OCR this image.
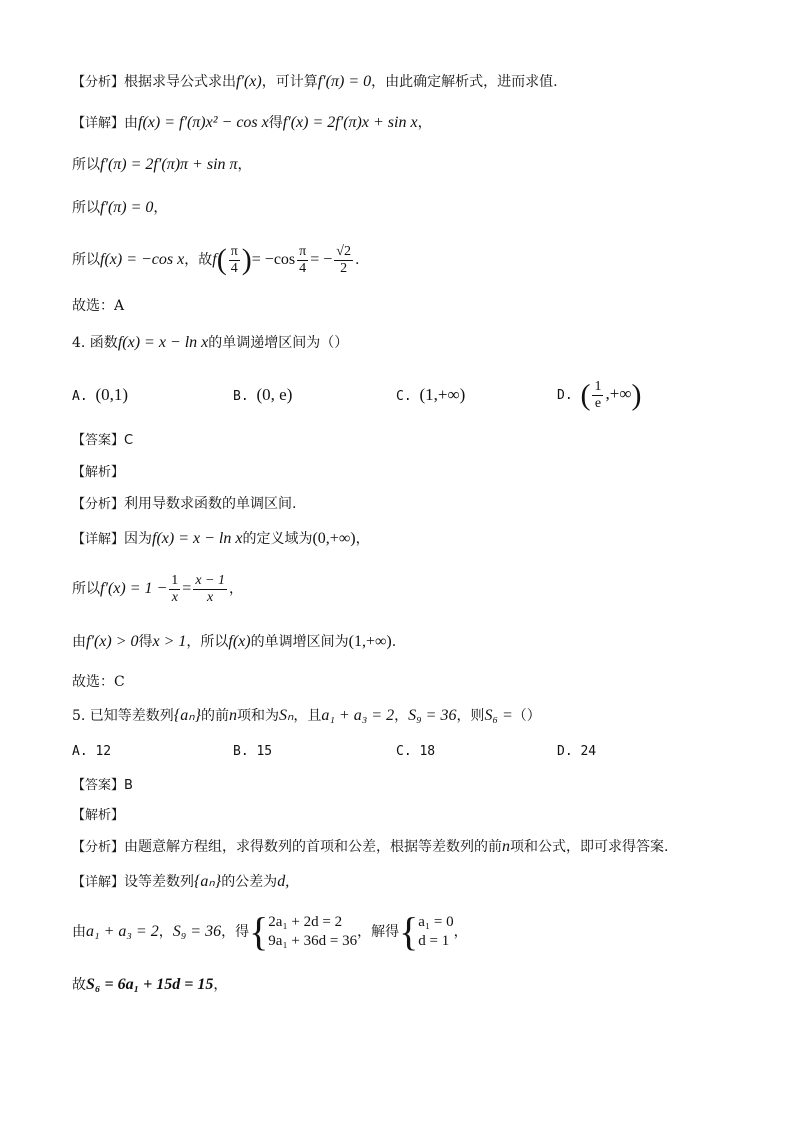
【分析】根据求导公式求出f′(x)，可计算f′(π) = 0，由此确定解析式，进而求值.
【详解】由f(x) = f′(π)x² − cos x得f′(x) = 2f′(π)x + sin x，
所以f′(π) = 2f′(π)π + sin π，
所以f′(π) = 0，
所以f(x) = −cos x，故$f( \frac{\pi}{4}$ )= $-\cos \frac{\pi}{4}$ = − $\frac{√2}{2}$ .
故选：A
4. 函数f(x) = x − ln x的单调递增区间为（）
A. (0,1)	B. (0, e)	C. (1,+∞)	D. ( $\frac{1}{e}$ ,+∞)
【答案】C
【解析】
【分析】利用导数求函数的单调区间.
【详解】因为f(x) = x − ln x的定义域为(0,+∞)，
所以$f'(x) = 1 - \frac{1}{x} = \frac{x - 1}{x}$ ，
由f′(x) > 0得x > 1，所以f(x)的单调增区间为(1,+∞).
故选：C
5. 已知等差数列{aₙ}的前n项和为Sₙ，且a₁ + a₃ = 2，S₉ = 36，则S₆ =（）
A. 12	B. 15	C. 18	D. 24
【答案】B
【解析】
【分析】由题意解方程组，求得数列的首项和公差，根据等差数列的前n项和公式，即可求得答案.
【详解】设等差数列{aₙ}的公差为d,
由a₁ + a₃ = 2，S₉ = 36，得 { 2a₁ + 2d = 2
9a₁ + 36d = 36
，解得 { a₁ = 0
d = 1
，
故S₆ = 6a₁ + 15d = 15，
